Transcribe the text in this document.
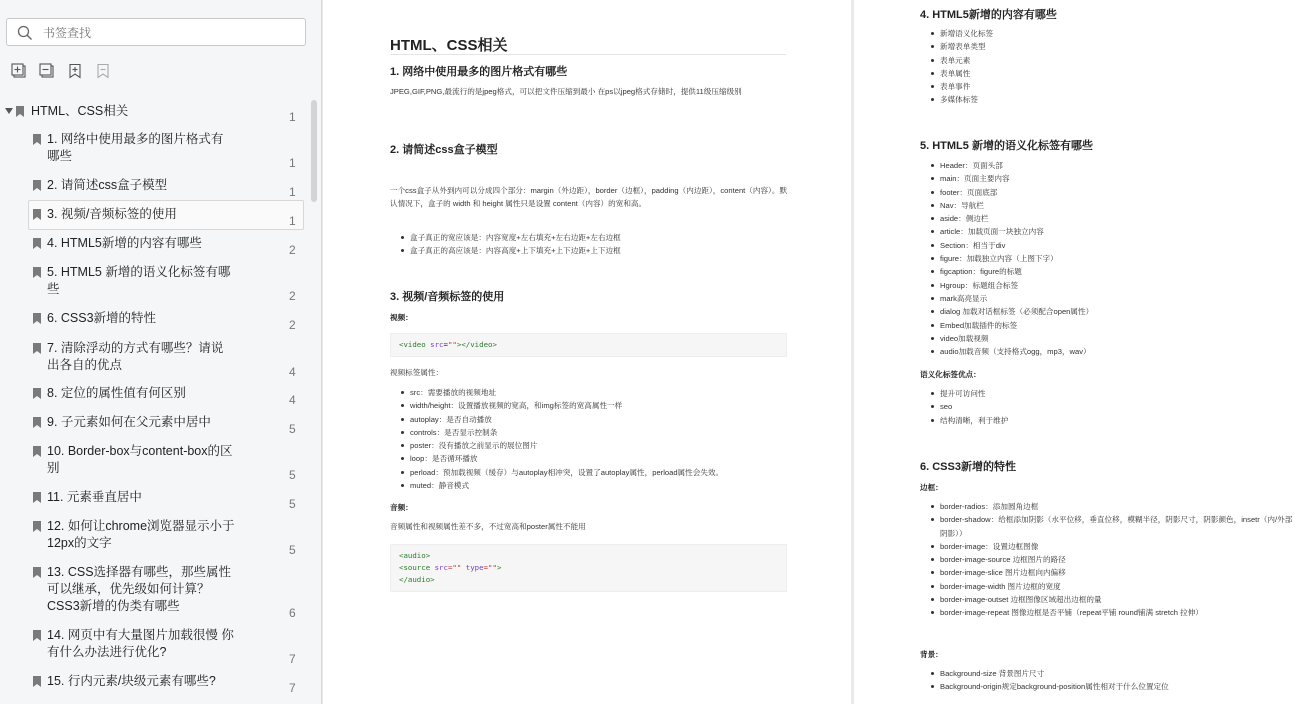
书签查找
HTML、CSS相关	1
1. 网络中使用最多的图片格式有哪些	1
2. 请简述css盒子模型	1
3. 视频/音频标签的使用	1
4. HTML5新增的内容有哪些	2
5. HTML5 新增的语义化标签有哪些	2
6. CSS3新增的特性	2
7. 清除浮动的方式有哪些？请说出各自的优点	4
8. 定位的属性值有何区别	4
9. 子元素如何在父元素中居中	5
10. Border-box与content-box的区别	5
11. 元素垂直居中	5
12. 如何让chrome浏览器显示小于12px的文字	5
13. CSS选择器有哪些，那些属性可以继承，优先级如何计算？CSS3新增的伪类有哪些	6
14. 网页中有大量图片加载很慢 你有什么办法进行优化?	7
15. 行内元素/块级元素有哪些?	7
HTML、CSS相关
1. 网络中使用最多的图片格式有哪些
JPEG,GIF,PNG,最流行的是jpeg格式，可以把文件压缩到最小 在ps以jpeg格式存储时，提供11级压缩级别
2. 请简述css盒子模型
一个css盒子从外到内可以分成四个部分：margin（外边距），border（边框），padding（内边距），content（内容）。默认情况下，盒子的 width 和 height 属性只是设置 content（内容）的宽和高。
盒子真正的宽应该是：内容宽度+左右填充+左右边距+左右边框
盒子真正的高应该是：内容高度+上下填充+上下边距+上下边框
3. 视频/音频标签的使用
视频：
<video src=""></video>
视频标签属性：
src：需要播放的视频地址
width/height：设置播放视频的宽高，和img标签的宽高属性一样
autoplay：是否自动播放
controls：是否显示控制条
poster：没有播放之前显示的展位图片
loop：是否循环播放
perload：预加载视频（缓存）与autoplay相冲突，设置了autoplay属性，perload属性会失效。
muted：静音模式
音频：
音频属性和视频属性差不多，不过宽高和poster属性不能用
<audio>
<source src="" type="">
</audio>
4. HTML5新增的内容有哪些
新增语义化标签
新增表单类型
表单元素
表单属性
表单事件
多媒体标签
5. HTML5 新增的语义化标签有哪些
Header：页面头部
main：页面主要内容
footer：页面底部
Nav：导航栏
aside：侧边栏
article：加载页面一块独立内容
Section：相当于div
figure：加载独立内容（上图下字）
figcaption：figure的标题
Hgroup：标题组合标签
mark高亮显示
dialog 加载对话框标签（必须配合open属性）
Embed加载插件的标签
video加载视频
audio加载音频（支持格式ogg，mp3，wav）
语义化标签优点：
提升可访问性
seo
结构清晰，利于维护
6. CSS3新增的特性
边框：
border-radios：添加圆角边框
border-shadow：给框添加阴影（水平位移，垂直位移，模糊半径，阴影尺寸，阴影颜色，insetr（内/外部阴影））
border-image：设置边框图像
border-image-source 边框图片的路径
border-image-slice 图片边框向内偏移
border-image-width 图片边框的宽度
border-image-outset 边框图像区域超出边框的量
border-image-repeat 图像边框是否平铺（repeat平铺 round铺满 stretch 拉伸）
背景：
Background-size 背景图片尺寸
Background-origin规定background-position属性相对于什么位置定位
